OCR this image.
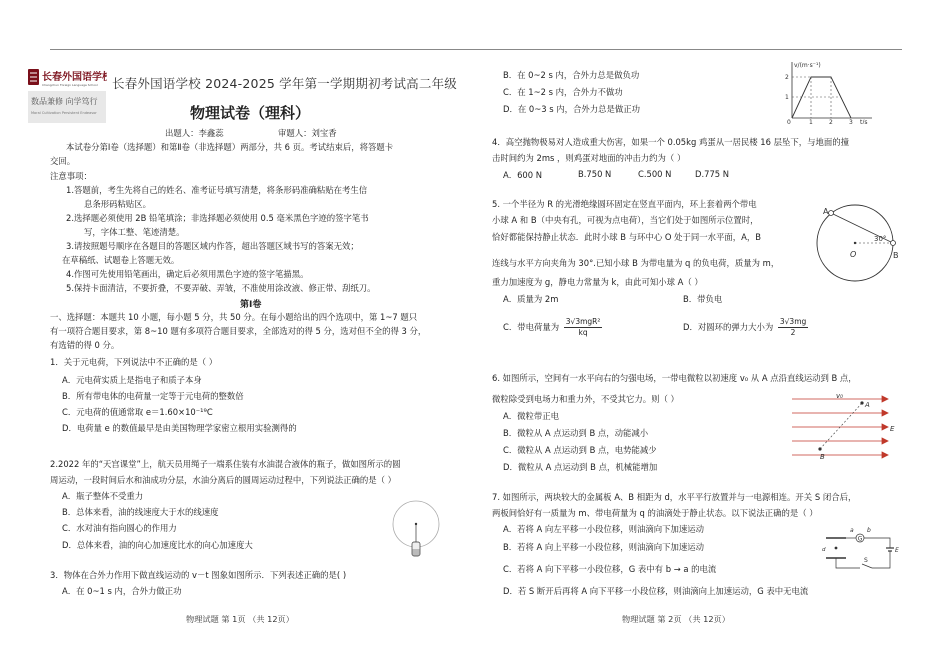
长春外国语学校
Changchun Foreign Language School
数品兼修 向学笃行
Moral Cultivation Persistent Endeavor
长春外国语学校 2024-2025 学年第一学期期初考试高二年级
物理试卷（理科）
出题人：李鑫蕊	审题人：刘宝香
本试卷分第Ⅰ卷（选择题）和第Ⅱ卷（非选择题）两部分，共 6 页。考试结束后，将答题卡
交回。
注意事项：
1.答题前，考生先将自己的姓名、准考证号填写清楚，将条形码准确粘贴在考生信
息条形码粘贴区。
2.选择题必须使用 2B 铅笔填涂；非选择题必须使用 0.5 毫米黑色字迹的签字笔书
写，字体工整、笔迹清楚。
3.请按照题号顺序在各题目的答题区域内作答，超出答题区域书写的答案无效；
在草稿纸、试题卷上答题无效。
4.作图可先使用铅笔画出，确定后必须用黑色字迹的签字笔描黑。
5.保持卡面清洁，不要折叠，不要弄破、弄皱，不准使用涂改液、修正带、刮纸刀。
第Ⅰ卷
一、选择题：本题共 10 小题，每小题 5 分，共 50 分。在每小题给出的四个选项中，第 1~7 题只
有一项符合题目要求，第 8~10 题有多项符合题目要求，全部选对的得 5 分，选对但不全的得 3 分，
有选错的得 0 分。
1．关于元电荷，下列说法中不正确的是（ ）
A．元电荷实质上是指电子和质子本身
B．所有带电体的电荷量一定等于元电荷的整数倍
C．元电荷的值通常取 e＝1.60×10⁻¹⁹C
D．电荷量 e 的数值最早是由美国物理学家密立根用实验测得的
2.2022 年的“天宫课堂”上，航天员用绳子一端系住装有水油混合液体的瓶子，做如图所示的圆
周运动，一段时间后水和油成功分层，水油分离后的圆周运动过程中，下列说法正确的是（ ）
A．瓶子整体不受重力
B．总体来看，油的线速度大于水的线速度
C．水对油有指向圆心的作用力
D．总体来看，油的向心加速度比水的向心加速度大
3．物体在合外力作用下做直线运动的 v－t 图象如图所示．下列表述正确的是( )
A．在 0~1 s 内，合外力做正功
B．在 0~2 s 内，合外力总是做负功
C．在 1~2 s 内，合外力不做功
D．在 0~3 s 内，合外力总是做正功
v/(m·s⁻¹)
2
1
0	1	2	3 t/s
4．高空抛物极易对人造成重大伤害，如果一个 0.05kg 鸡蛋从一居民楼 16 层坠下，与地面的撞
击时间约为 2ms ，则鸡蛋对地面的冲击力约为（ ）
A．600 N	B.750 N	C.500 N	D.775 N
5. 一个半径为 R 的光滑绝缘圆环固定在竖直平面内，环上套着两个带电
小球 A 和 B（中央有孔，可视为点电荷），当它们处于如图所示位置时，
恰好都能保持静止状态．此时小球 B 与环中心 O 处于同一水平面，A，B
连线与水平方向夹角为 30°.已知小球 B 为带电量为 q 的负电荷，质量为 m，
重力加速度为 g，静电力常量为 k，由此可知小球 A（ ）
A．质量为 2m	B．带负电
C．带电荷量为 $\frac{\text{3√3mgR²}}{kq}$	D．对圆环的弹力大小为 $\frac{3√3mg}{2}$
A
B
O
30°
6. 如图所示，空间有一水平向右的匀强电场，一带电微粒以初速度 v₀ 从 A 点沿直线运动到 B 点，
微粒除受到电场力和重力外，不受其它力。则（ ）
A．微粒带正电
B．微粒从 A 点运动到 B 点，动能减小
C．微粒从 A 点运动到 B 点，电势能减少
D．微粒从 A 点运动到 B 点，机械能增加
v₀
A
B
E
7. 如图所示，两块较大的金属板 A、B 相距为 d，水平平行放置并与一电源相连。开关 S 闭合后，
两板间恰好有一质量为 m、带电荷量为 q 的油滴处于静止状态。以下说法正确的是（ ）
A．若将 A 向左平移一小段位移，则油滴向下加速运动
B．若将 A 向上平移一小段位移，则油滴向下加速运动
C．若将 A 向下平移一小段位移，G 表中有 b → a 的电流
D．若 S 断开后再将 A 向下平移一小段位移，则油滴向上加速运动，G 表中无电流
d
G
a b
E
S
物理试题 第 1页 （共 12页）	物理试题 第 2页 （共 12页）
